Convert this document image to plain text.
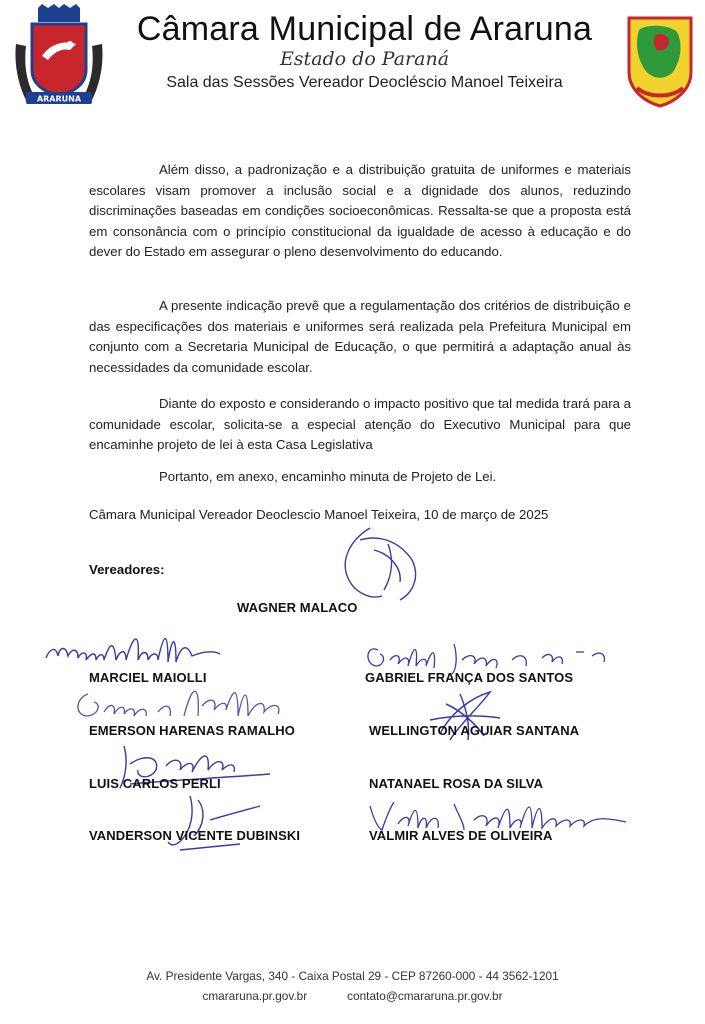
ARARUNA
Câmara Municipal de Araruna
Estado do Paraná
Sala das Sessões Vereador Deocléscio Manoel Teixeira

Além disso, a padronização e a distribuição gratuita de uniformes e materiais escolares visam promover a inclusão social e a dignidade dos alunos, reduzindo discriminações baseadas em condições socioeconômicas. Ressalta-se que a proposta está em consonância com o princípio constitucional da igualdade de acesso à educação e do dever do Estado em assegurar o pleno desenvolvimento do educando.

A presente indicação prevê que a regulamentação dos critérios de distribuição e das especificações dos materiais e uniformes será realizada pela Prefeitura Municipal em conjunto com a Secretaria Municipal de Educação, o que permitirá a adaptação anual às necessidades da comunidade escolar.

Diante do exposto e considerando o impacto positivo que tal medida trará para a comunidade escolar, solicita-se a especial atenção do Executivo Municipal para que encaminhe projeto de lei à esta Casa Legislativa

Portanto, em anexo, encaminho minuta de Projeto de Lei.
Câmara Municipal Vereador Deoclescio Manoel Teixeira, 10 de março de 2025
Vereadores:
WAGNER MALACO
MARCIEL MAIOLLI	GABRIEL FRANÇA DOS SANTOS
EMERSON HARENAS RAMALHO	WELLINGTON AGUIAR SANTANA
LUIS CARLOS PERLI	NATANAEL ROSA DA SILVA
VANDERSON VICENTE DUBINSKI	VALMIR ALVES DE OLIVEIRA
Av. Presidente Vargas, 340 - Caixa Postal 29 - CEP 87260-000 - 44 3562-1201
cmararuna.pr.gov.br	contato@cmararuna.pr.gov.br
